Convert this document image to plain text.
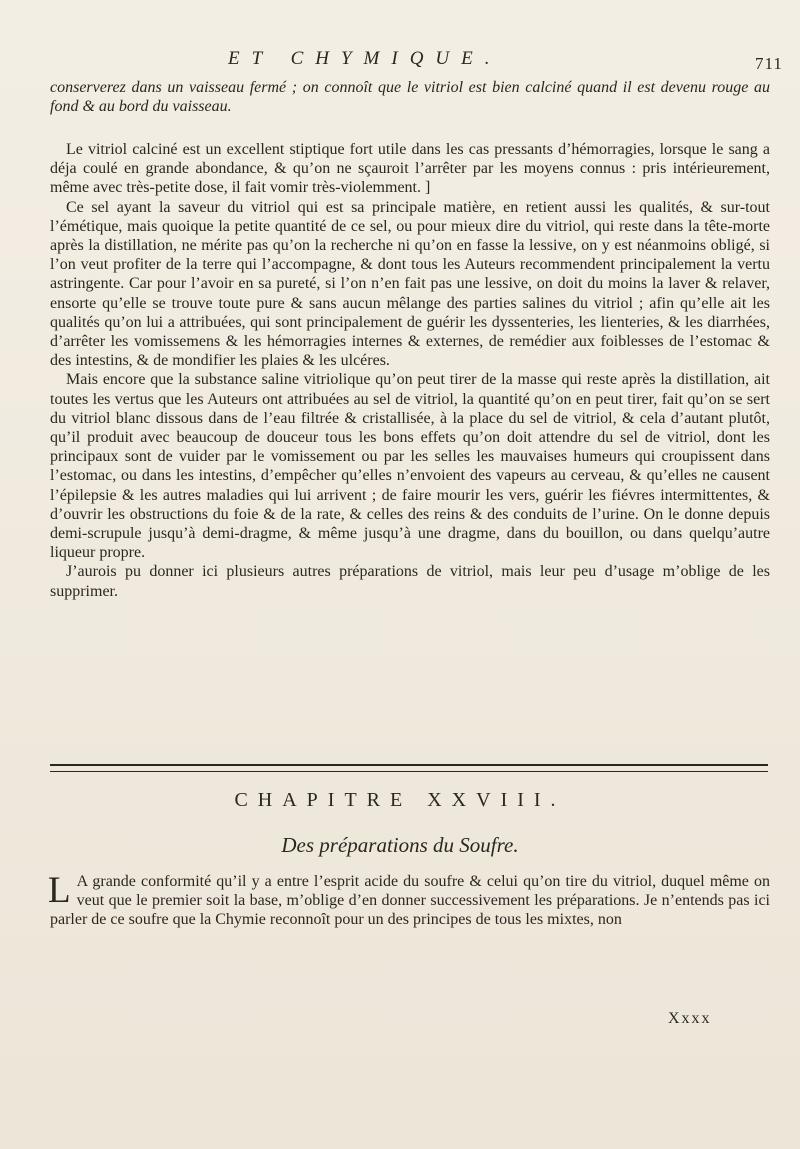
ET CHYMIQUE.	711

conserverez dans un vaisseau fermé ; on connoît que le vitriol est bien calciné quand il est devenu rouge au fond & au bord du vaisseau.

Le vitriol calciné est un excellent stiptique fort utile dans les cas pressants d’hémorragies, lorsque le sang a déja coulé en grande abondance, & qu’on ne sçauroit l’arrêter par les moyens connus : pris intérieurement, même avec très-petite dose, il fait vomir très-violemment. ]

Ce sel ayant la saveur du vitriol qui est sa principale matière, en retient aussi les qualités, & sur-tout l’émétique, mais quoique la petite quantité de ce sel, ou pour mieux dire du vitriol, qui reste dans la tête-morte après la distillation, ne mérite pas qu’on la recherche ni qu’on en fasse la lessive, on y est néanmoins obligé, si l’on veut profiter de la terre qui l’accompagne, & dont tous les Auteurs recommendent principalement la vertu astringente. Car pour l’avoir en sa pureté, si l’on n’en fait pas une lessive, on doit du moins la laver & relaver, ensorte qu’elle se trouve toute pure & sans aucun mêlange des parties salines du vitriol ; afin qu’elle ait les qualités qu’on lui a attribuées, qui sont principalement de guérir les dyssenteries, les lienteries, & les diarrhées, d’arrêter les vomissemens & les hémorragies internes & externes, de remédier aux foiblesses de l’estomac & des intestins, & de mondifier les plaies & les ulcéres.

Mais encore que la substance saline vitriolique qu’on peut tirer de la masse qui reste après la distillation, ait toutes les vertus que les Auteurs ont attribuées au sel de vitriol, la quantité qu’on en peut tirer, fait qu’on se sert du vitriol blanc dissous dans de l’eau filtrée & cristallisée, à la place du sel de vitriol, & cela d’autant plutôt, qu’il produit avec beaucoup de douceur tous les bons effets qu’on doit attendre du sel de vitriol, dont les principaux sont de vuider par le vomissement ou par les selles les mauvaises humeurs qui croupissent dans l’estomac, ou dans les intestins, d’empêcher qu’elles n’envoient des vapeurs au cerveau, & qu’elles ne causent l’épilepsie & les autres maladies qui lui arrivent ; de faire mourir les vers, guérir les fiévres intermittentes, & d’ouvrir les obstructions du foie & de la rate, & celles des reins & des conduits de l’urine. On le donne depuis demi-scrupule jusqu’à demi-dragme, & même jusqu’à une dragme, dans du bouillon, ou dans quelqu’autre liqueur propre.

J’aurois pu donner ici plusieurs autres préparations de vitriol, mais leur peu d’usage m’oblige de les supprimer.

CHAPITRE XXVIII.
Des préparations du Soufre.

L A grande conformité qu’il y a entre l’esprit acide du soufre & celui qu’on tire du vitriol, duquel même on veut que le premier soit la base, m’oblige d’en donner successivement les préparations. Je n’entends pas ici parler de ce soufre que la Chymie reconnoît pour un des principes de tous les mixtes, non

Xxxx
